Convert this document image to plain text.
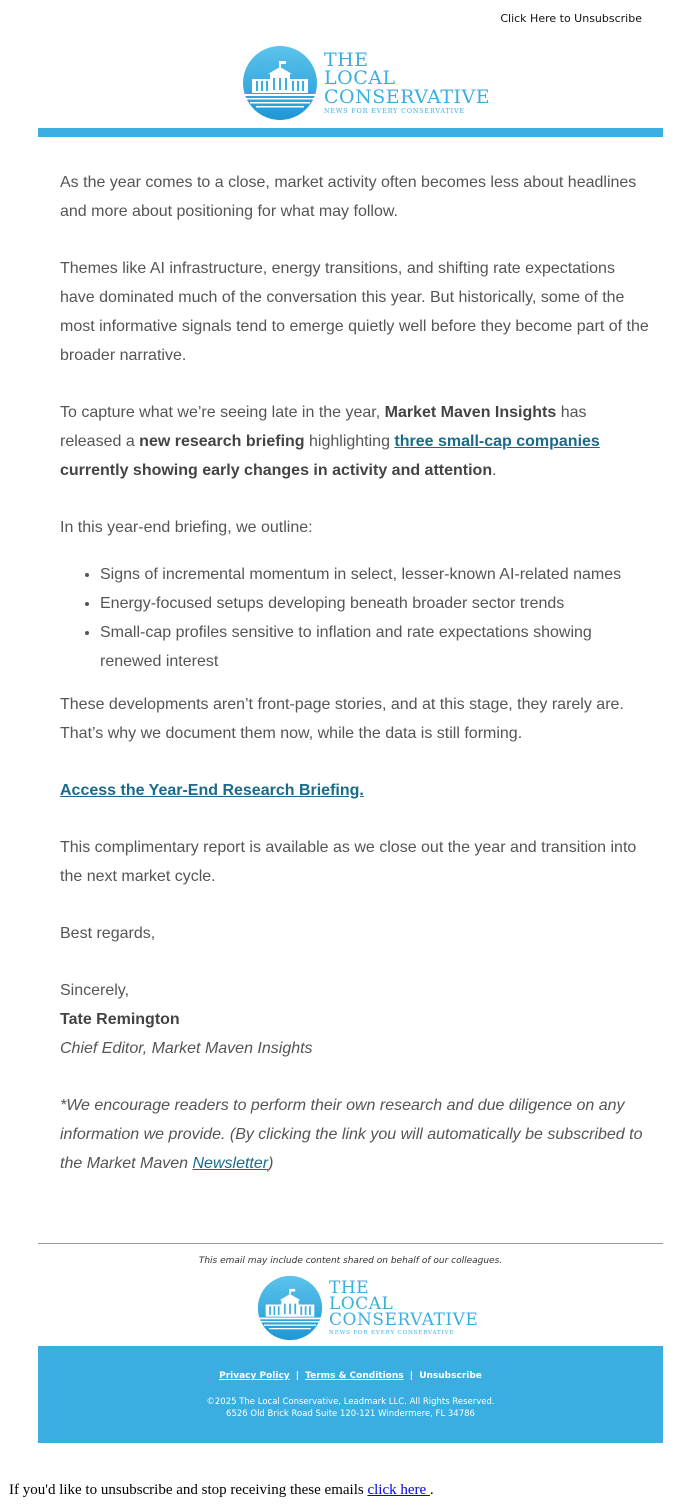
Click Here to Unsubscribe
THE
LOCAL
CONSERVATIVE
NEWS FOR EVERY CONSERVATIVE

As the year comes to a close, market activity often becomes less about headlines and more about positioning for what may follow.

Themes like AI infrastructure, energy transitions, and shifting rate expectations have dominated much of the conversation this year. But historically, some of the most informative signals tend to emerge quietly well before they become part of the broader narrative.

To capture what we’re seeing late in the year, Market Maven Insights has released a new research briefing highlighting three small-cap companies currently showing early changes in activity and attention.

In this year-end briefing, we outline:

• Signs of incremental momentum in select, lesser-known AI-related names
• Energy-focused setups developing beneath broader sector trends
• Small-cap profiles sensitive to inflation and rate expectations showing renewed interest

These developments aren’t front-page stories, and at this stage, they rarely are. That’s why we document them now, while the data is still forming.

Access the Year-End Research Briefing.

This complimentary report is available as we close out the year and transition into the next market cycle.

Best regards,

Sincerely,
Tate Remington
Chief Editor, Market Maven Insights

*We encourage readers to perform their own research and due diligence on any information we provide. (By clicking the link you will automatically be subscribed to the Market Maven Newsletter)

This email may include content shared on behalf of our colleagues.
THE
LOCAL
CONSERVATIVE
NEWS FOR EVERY CONSERVATIVE
Privacy Policy | Terms & Conditions | Unsubscribe
©2025 The Local Conservative, Leadmark LLC. All Rights Reserved.
6526 Old Brick Road Suite 120-121 Windermere, FL 34786
If you'd like to unsubscribe and stop receiving these emails click here .
